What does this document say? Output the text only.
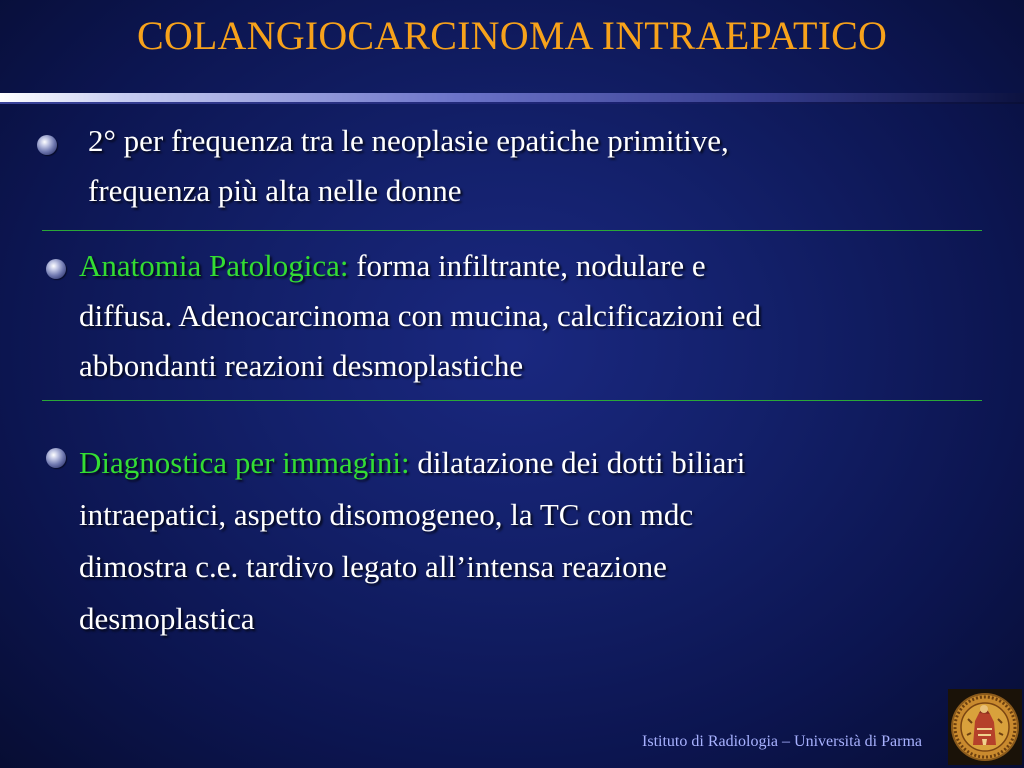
COLANGIOCARCINOMA INTRAEPATICO
2° per frequenza tra le neoplasie epatiche primitive,
frequenza più alta nelle donne
Anatomia Patologica: forma infiltrante, nodulare e
diffusa. Adenocarcinoma con mucina, calcificazioni ed
abbondanti reazioni desmoplastiche
Diagnostica per immagini: dilatazione dei dotti biliari
intraepatici, aspetto disomogeneo, la TC con mdc
dimostra c.e. tardivo legato all’intensa reazione
desmoplastica
Istituto di Radiologia – Università di Parma
